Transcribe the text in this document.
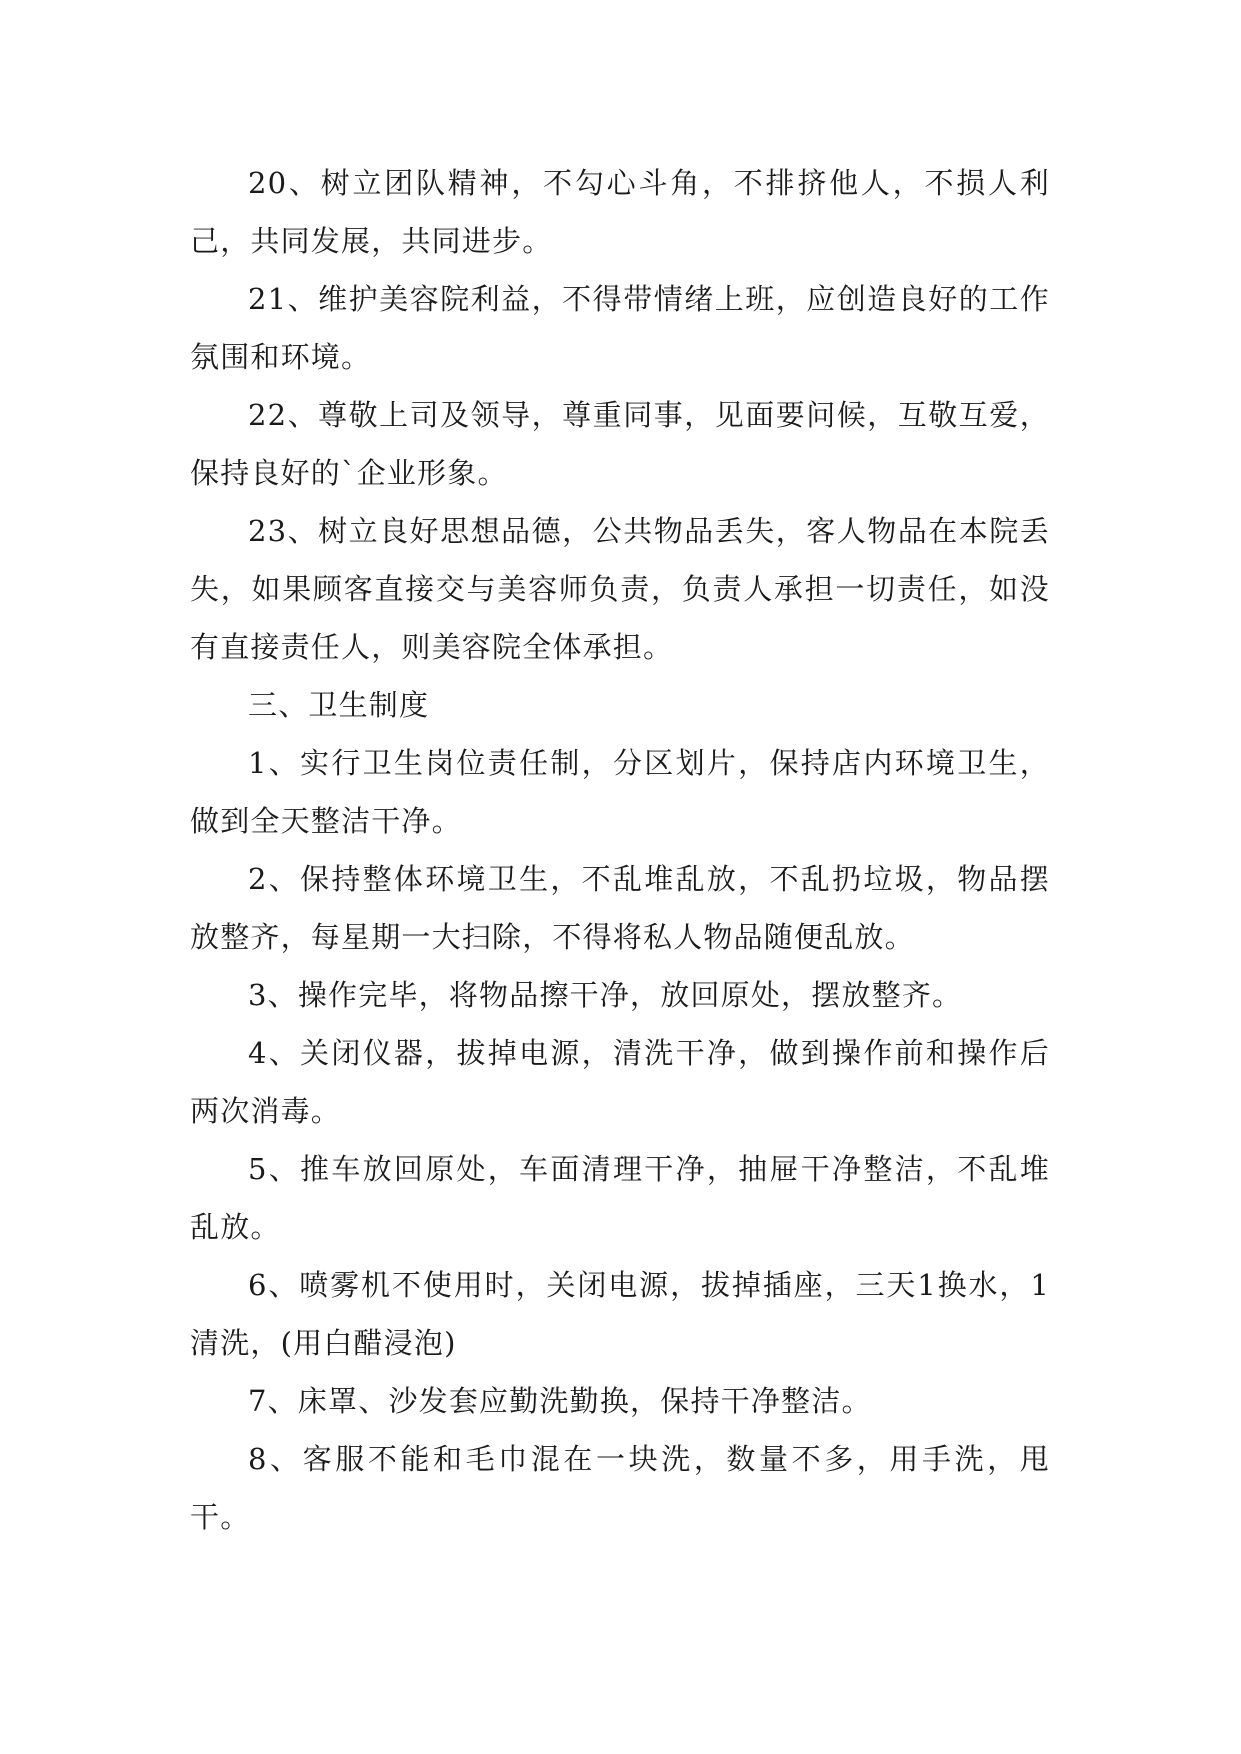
20、树立团队精神，不勾心斗角，不排挤他人，不损人利己，共同发展，共同进步。

21、维护美容院利益，不得带情绪上班，应创造良好的工作氛围和环境。

22、尊敬上司及领导，尊重同事，见面要问候，互敬互爱，保持良好的`企业形象。

23、树立良好思想品德，公共物品丢失，客人物品在本院丢失，如果顾客直接交与美容师负责，负责人承担一切责任，如没有直接责任人，则美容院全体承担。

三、卫生制度

1、实行卫生岗位责任制，分区划片，保持店内环境卫生，做到全天整洁干净。

2、保持整体环境卫生，不乱堆乱放，不乱扔垃圾，物品摆放整齐，每星期一大扫除，不得将私人物品随便乱放。

3、操作完毕，将物品擦干净，放回原处，摆放整齐。

4、关闭仪器，拔掉电源，清洗干净，做到操作前和操作后两次消毒。

5、推车放回原处，车面清理干净，抽屉干净整洁，不乱堆乱放。

6、喷雾机不使用时，关闭电源，拔掉插座，三天1换水，1清洗，(用白醋浸泡)

7、床罩、沙发套应勤洗勤换，保持干净整洁。

8、客服不能和毛巾混在一块洗，数量不多，用手洗，甩干。
